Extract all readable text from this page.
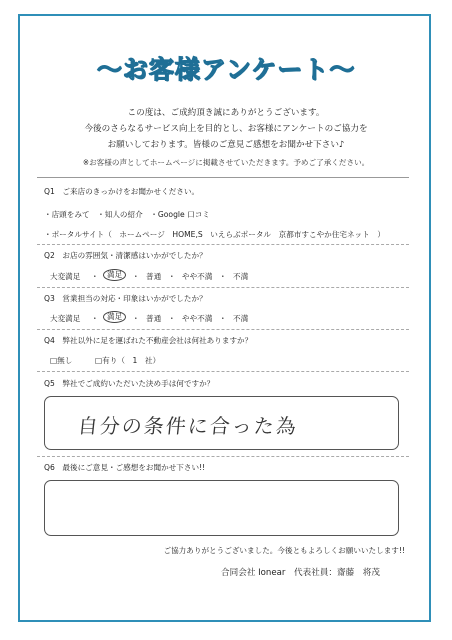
〜お客様アンケート〜
この度は、ご成約頂き誠にありがとうございます。
今後のさらなるサービス向上を目的とし、お客様にアンケートのご協力を
お願いしております。皆様のご意見ご感想をお聞かせ下さい♪
※お客様の声としてホームページに掲載させていただきます。予めご了承ください。
Q1　ご来店のきっかけをお聞かせください。
・店頭をみて　・知人の紹介　・Google 口コミ
・ポータルサイト（　ホームページ　HOME,S　いえらぶポータル　京都市すこやか住宅ネット　）
Q2　お店の雰囲気・清潔感はいかがでしたか？
大変満足 ・	満足	・ 普通 ・ やや不満 ・ 不満
Q3　営業担当の対応・印象はいかがでしたか？
大変満足 ・	満足	・ 普通 ・ やや不満 ・ 不満
Q4　弊社以外に足を運ばれた不動産会社は何社ありますか？
□無し	□有り（　1　社）
Q5　弊社でご成約いただいた決め手は何ですか？
自分の条件に合った為
Q6　最後にご意見・ご感想をお聞かせ下さい!!
ご協力ありがとうございました。今後ともよろしくお願いいたします!!
合同会社 Ionear　代表社員：齋藤　将茂
